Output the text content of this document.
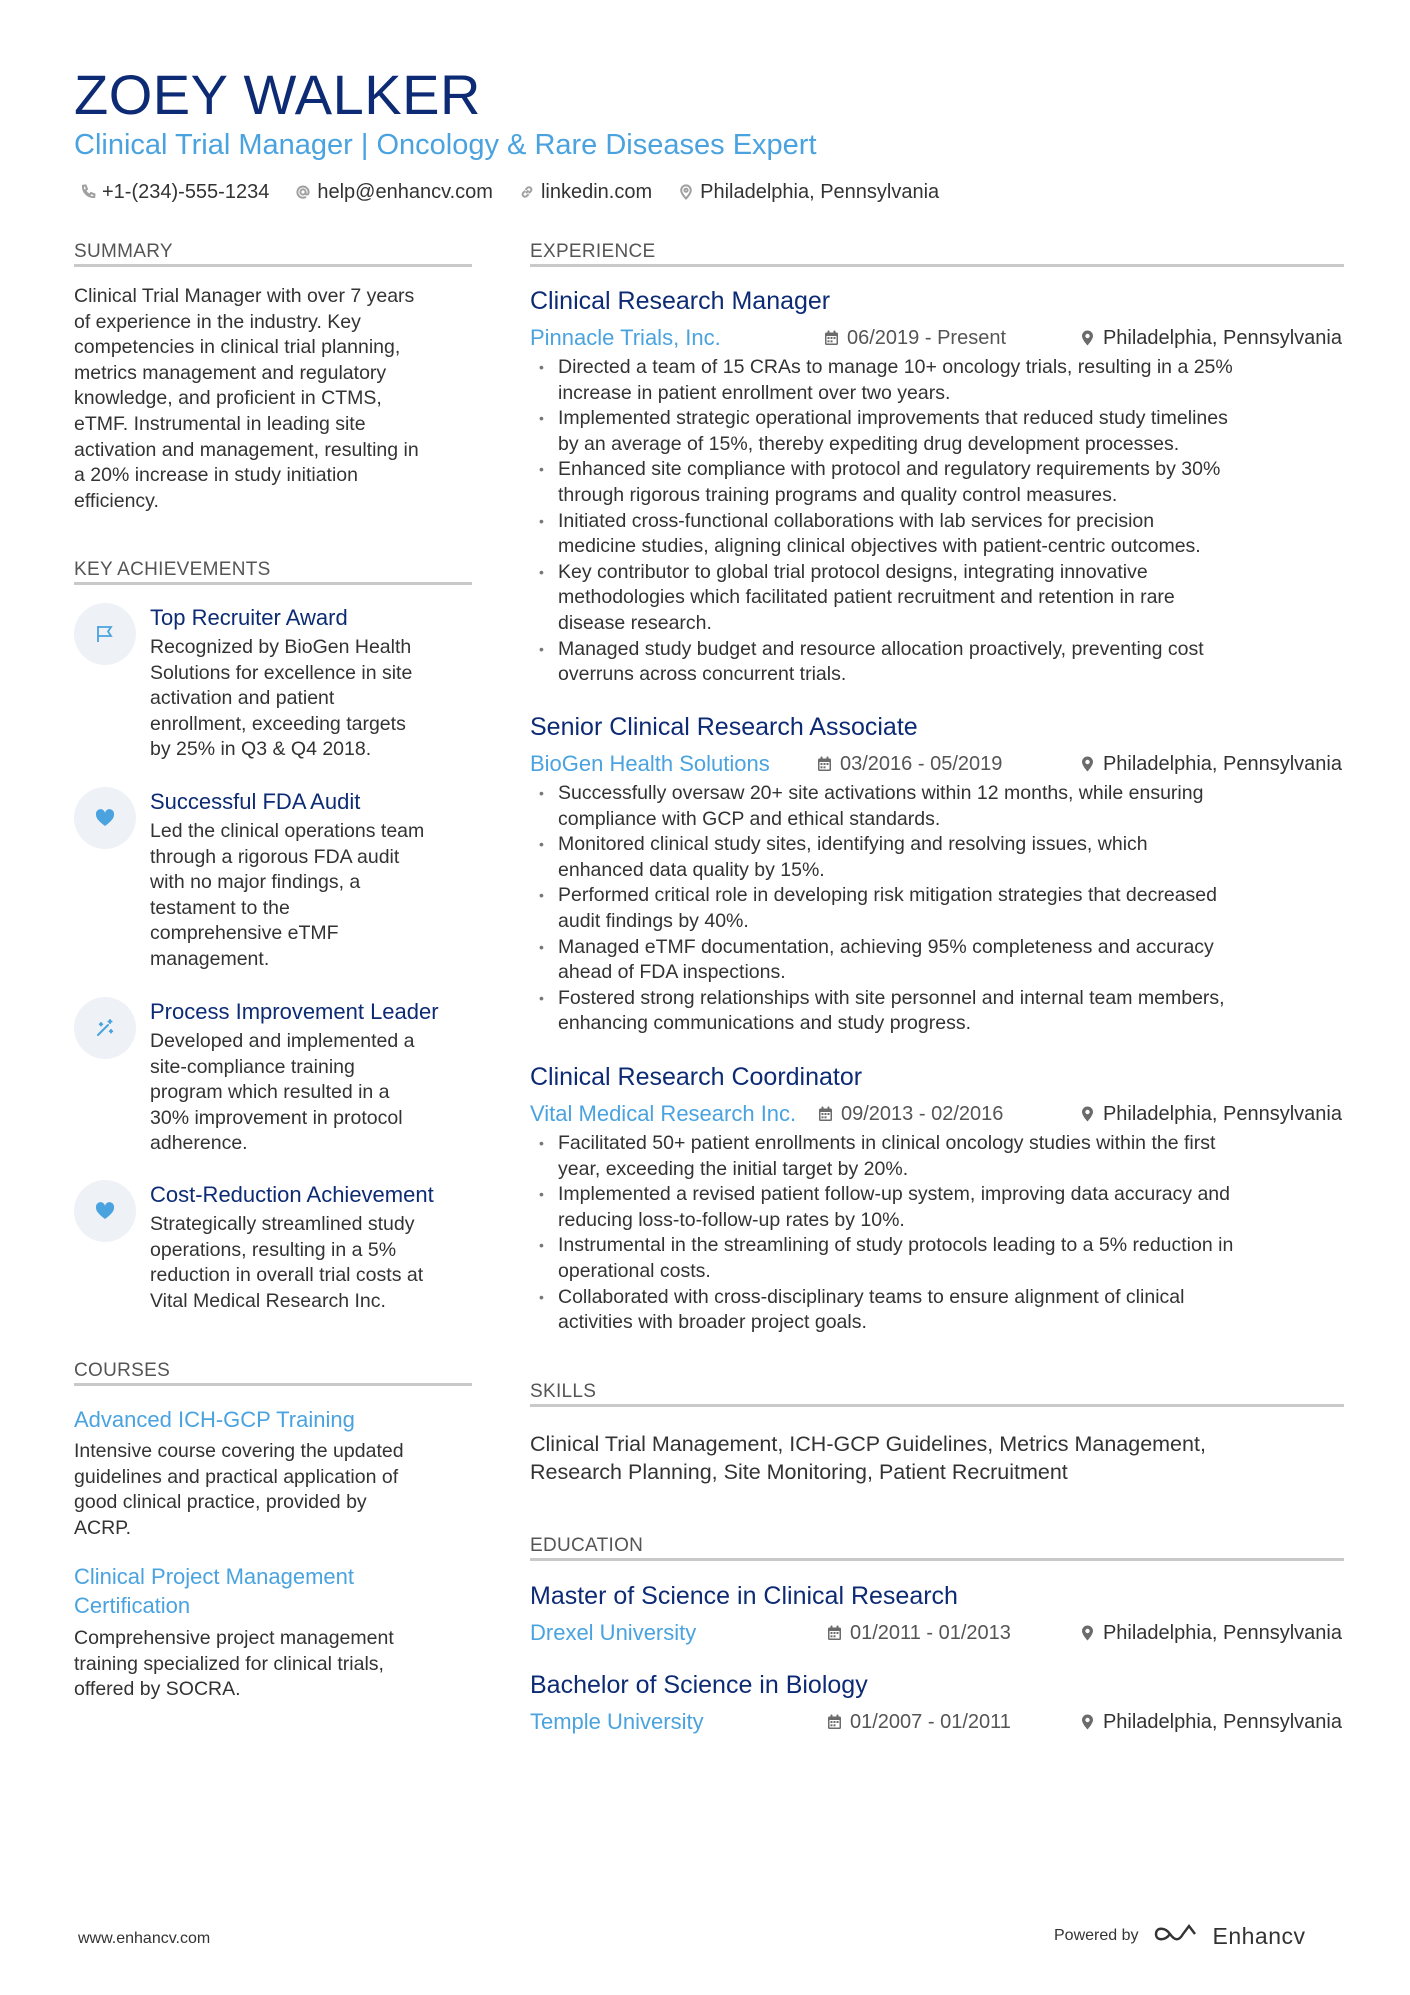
ZOEY WALKER
Clinical Trial Manager | Oncology & Rare Diseases Expert
+1-(234)-555-1234 help@enhancv.com linkedin.com Philadelphia, Pennsylvania
SUMMARY
Clinical Trial Manager with over 7 years
of experience in the industry. Key
competencies in clinical trial planning,
metrics management and regulatory
knowledge, and proficient in CTMS,
eTMF. Instrumental in leading site
activation and management, resulting in
a 20% increase in study initiation
efficiency.
KEY ACHIEVEMENTS
Top Recruiter Award
Recognized by BioGen Health
Solutions for excellence in site
activation and patient
enrollment, exceeding targets
by 25% in Q3 & Q4 2018.
Successful FDA Audit
Led the clinical operations team
through a rigorous FDA audit
with no major findings, a
testament to the
comprehensive eTMF
management.
Process Improvement Leader
Developed and implemented a
site-compliance training
program which resulted in a
30% improvement in protocol
adherence.
Cost-Reduction Achievement
Strategically streamlined study
operations, resulting in a 5%
reduction in overall trial costs at
Vital Medical Research Inc.
COURSES
Advanced ICH-GCP Training
Intensive course covering the updated
guidelines and practical application of
good clinical practice, provided by
ACRP.
Clinical Project Management
Certification
Comprehensive project management
training specialized for clinical trials,
offered by SOCRA.
EXPERIENCE
Clinical Research Manager
Pinnacle Trials, Inc.	06/2019 - Present	Philadelphia, Pennsylvania
• Directed a team of 15 CRAs to manage 10+ oncology trials, resulting in a 25%
increase in patient enrollment over two years.
• Implemented strategic operational improvements that reduced study timelines
by an average of 15%, thereby expediting drug development processes.
• Enhanced site compliance with protocol and regulatory requirements by 30%
through rigorous training programs and quality control measures.
• Initiated cross-functional collaborations with lab services for precision
medicine studies, aligning clinical objectives with patient-centric outcomes.
• Key contributor to global trial protocol designs, integrating innovative
methodologies which facilitated patient recruitment and retention in rare
disease research.
• Managed study budget and resource allocation proactively, preventing cost
overruns across concurrent trials.
Senior Clinical Research Associate
BioGen Health Solutions	03/2016 - 05/2019	Philadelphia, Pennsylvania
• Successfully oversaw 20+ site activations within 12 months, while ensuring
compliance with GCP and ethical standards.
• Monitored clinical study sites, identifying and resolving issues, which
enhanced data quality by 15%.
• Performed critical role in developing risk mitigation strategies that decreased
audit findings by 40%.
• Managed eTMF documentation, achieving 95% completeness and accuracy
ahead of FDA inspections.
• Fostered strong relationships with site personnel and internal team members,
enhancing communications and study progress.
Clinical Research Coordinator
Vital Medical Research Inc. 09/2013 - 02/2016	Philadelphia, Pennsylvania
• Facilitated 50+ patient enrollments in clinical oncology studies within the first
year, exceeding the initial target by 20%.
• Implemented a revised patient follow-up system, improving data accuracy and
reducing loss-to-follow-up rates by 10%.
• Instrumental in the streamlining of study protocols leading to a 5% reduction in
operational costs.
• Collaborated with cross-disciplinary teams to ensure alignment of clinical
activities with broader project goals.
SKILLS
Clinical Trial Management, ICH-GCP Guidelines, Metrics Management,
Research Planning, Site Monitoring, Patient Recruitment
EDUCATION
Master of Science in Clinical Research
Drexel University	01/2011 - 01/2013	Philadelphia, Pennsylvania
Bachelor of Science in Biology
Temple University	01/2007 - 01/2011	Philadelphia, Pennsylvania
www.enhancv.com	Powered by	Enhancv
